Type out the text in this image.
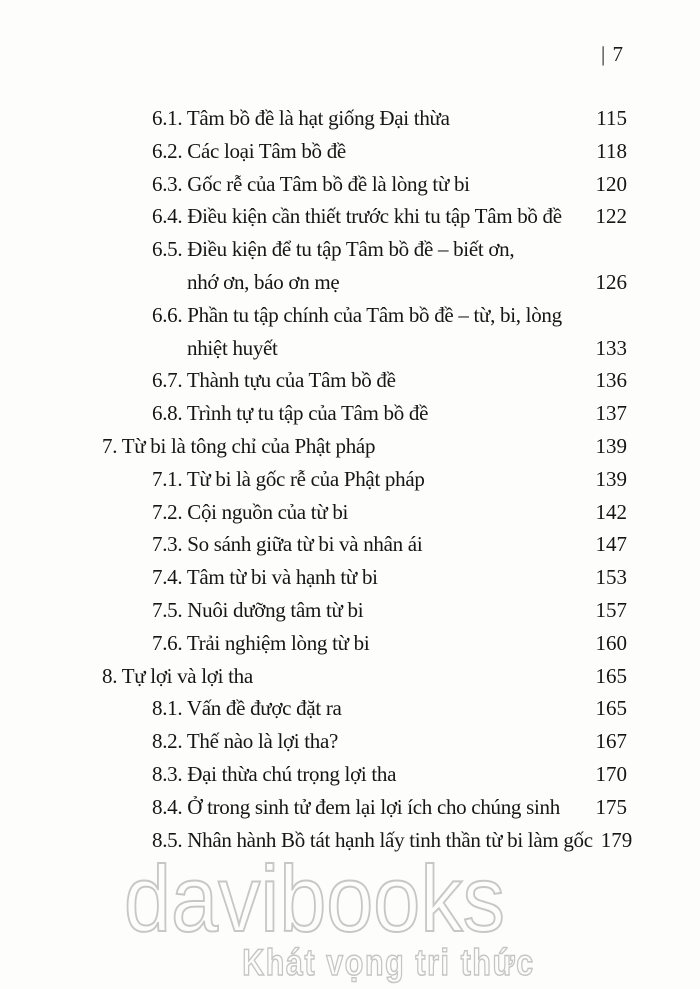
| 7
6.1. Tâm bồ đề là hạt giống Đại thừa	115
6.2. Các loại Tâm bồ đề	118
6.3. Gốc rễ của Tâm bồ đề là lòng từ bi	120
6.4. Điều kiện cần thiết trước khi tu tập Tâm bồ đề	122
6.5. Điều kiện để tu tập Tâm bồ đề – biết ơn,
nhớ ơn, báo ơn mẹ	126
6.6. Phần tu tập chính của Tâm bồ đề – từ, bi, lòng
nhiệt huyết	133
6.7. Thành tựu của Tâm bồ đề	136
6.8. Trình tự tu tập của Tâm bồ đề	137
7. Từ bi là tông chỉ của Phật pháp	139
7.1. Từ bi là gốc rễ của Phật pháp	139
7.2. Cội nguồn của từ bi	142
7.3. So sánh giữa từ bi và nhân ái	147
7.4. Tâm từ bi và hạnh từ bi	153
7.5. Nuôi dưỡng tâm từ bi	157
7.6. Trải nghiệm lòng từ bi	160
8. Tự lợi và lợi tha	165
8.1. Vấn đề được đặt ra	165
8.2. Thế nào là lợi tha?	167
8.3. Đại thừa chú trọng lợi tha	170
8.4. Ở trong sinh tử đem lại lợi ích cho chúng sinh	175
8.5. Nhân hành Bồ tát hạnh lấy tinh thần từ bi làm gốc 179
davibooks
Khát vọng tri thức
